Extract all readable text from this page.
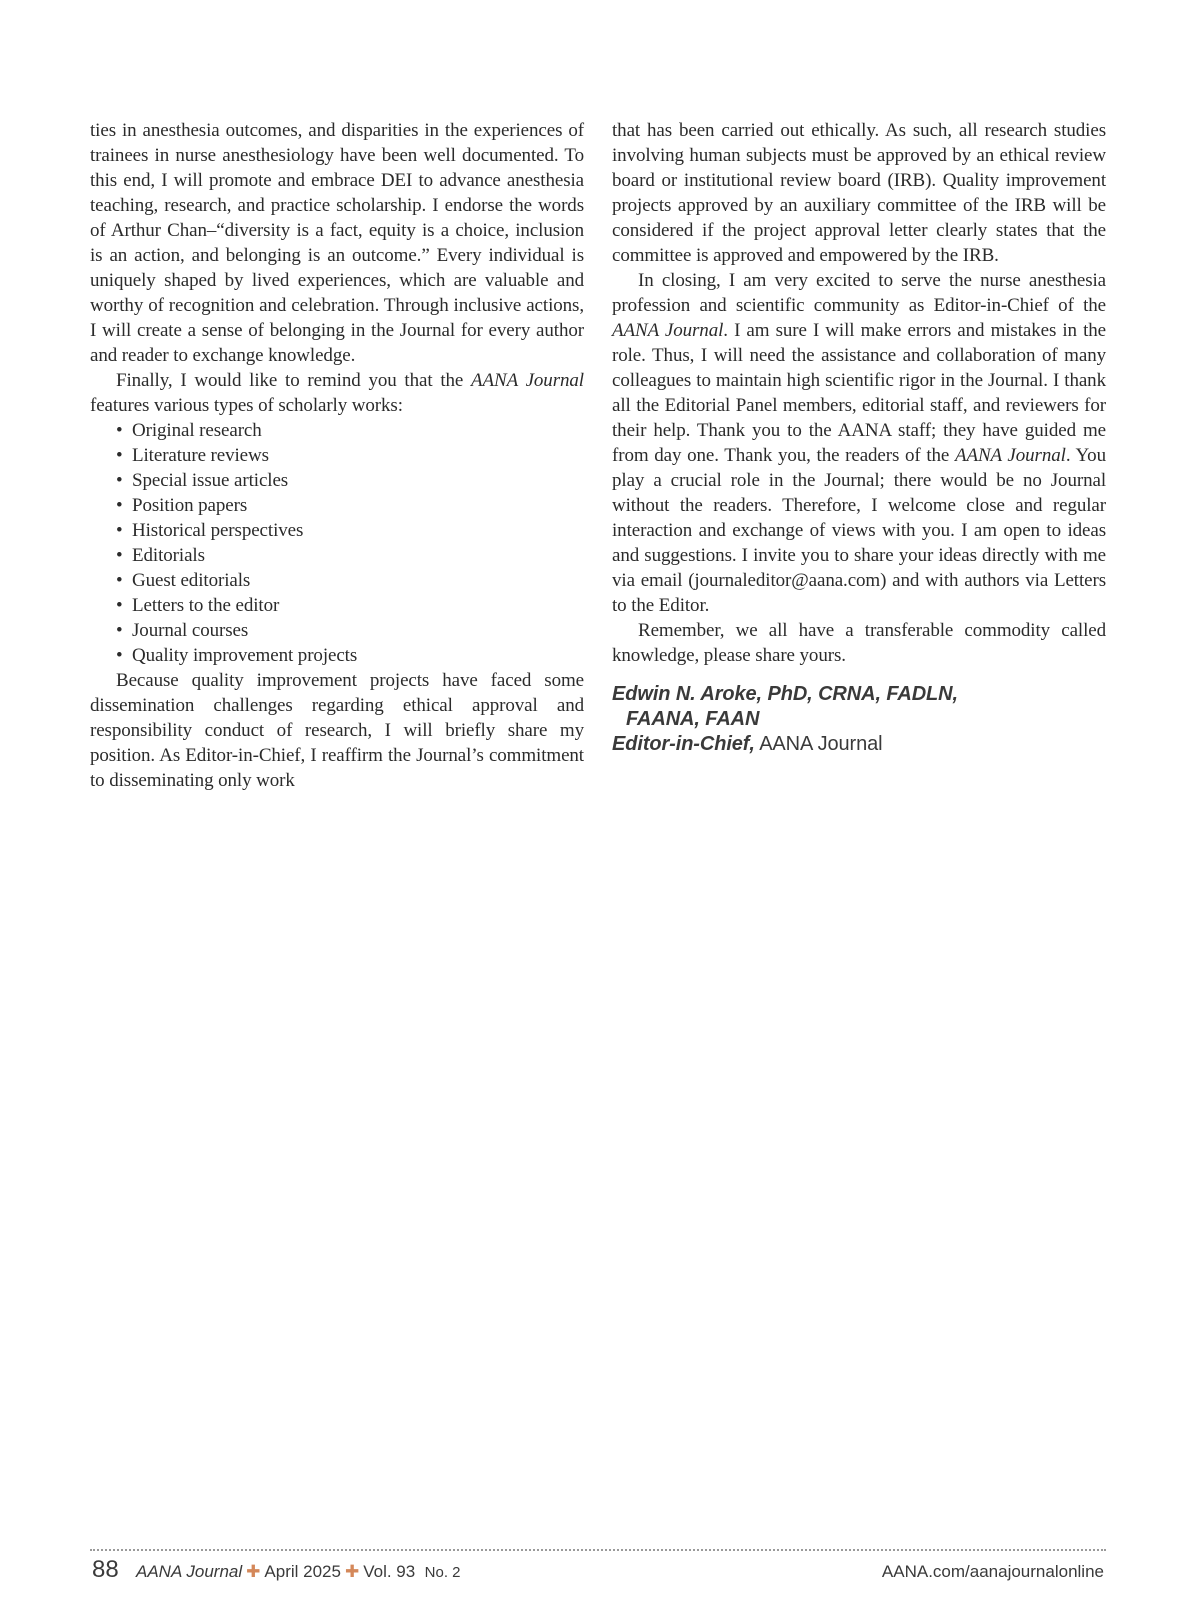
ties in anesthesia outcomes, and disparities in the experiences of trainees in nurse anesthesiology have been well documented. To this end, I will promote and embrace DEI to advance anesthesia teaching, research, and practice scholarship. I endorse the words of Arthur Chan–“diversity is a fact, equity is a choice, inclusion is an action, and belonging is an outcome.” Every individual is uniquely shaped by lived experiences, which are valuable and worthy of recognition and celebration. Through inclusive actions, I will create a sense of belonging in the Journal for every author and reader to exchange knowledge.

Finally, I would like to remind you that the AANA Journal features various types of scholarly works:

• Original research
• Literature reviews
• Special issue articles
• Position papers
• Historical perspectives
• Editorials
• Guest editorials
• Letters to the editor
• Journal courses
• Quality improvement projects

Because quality improvement projects have faced some dissemination challenges regarding ethical approval and responsibility conduct of research, I will briefly share my position. As Editor-in-Chief, I reaffirm the Journal’s commitment to disseminating only work

that has been carried out ethically. As such, all research studies involving human subjects must be approved by an ethical review board or institutional review board (IRB). Quality improvement projects approved by an auxiliary committee of the IRB will be considered if the project approval letter clearly states that the committee is approved and empowered by the IRB.

In closing, I am very excited to serve the nurse anesthesia profession and scientific community as Editor-in-Chief of the AANA Journal. I am sure I will make errors and mistakes in the role. Thus, I will need the assistance and collaboration of many colleagues to maintain high scientific rigor in the Journal. I thank all the Editorial Panel members, editorial staff, and reviewers for their help. Thank you to the AANA staff; they have guided me from day one. Thank you, the readers of the AANA Journal. You play a crucial role in the Journal; there would be no Journal without the readers. Therefore, I welcome close and regular interaction and exchange of views with you. I am open to ideas and suggestions. I invite you to share your ideas directly with me via email (journaleditor@aana.com) and with authors via Letters to the Editor.

Remember, we all have a transferable commodity called knowledge, please share yours.

Edwin N. Aroke, PhD, CRNA, FADLN,
FAANA, FAAN
Editor-in-Chief, AANA Journal
88 AANA Journal ✚ April 2025 ✚ Vol. 93 No. 2	AANA.com/aanajournalonline
